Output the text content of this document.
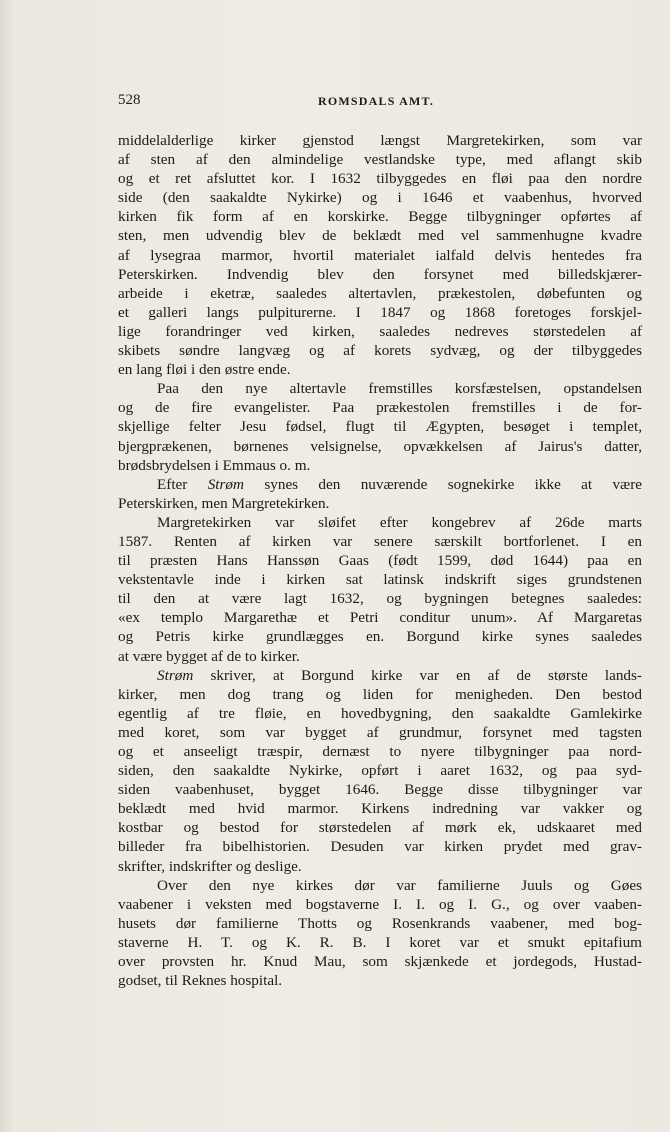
528	ROMSDALS AMT.
middelalderlige kirker gjenstod længst Margretekirken, som var
af sten af den almindelige vestlandske type, med aflangt skib
og et ret afsluttet kor. I 1632 tilbyggedes en fløi paa den nordre
side (den saakaldte Nykirke) og i 1646 et vaabenhus, hvorved
kirken fik form af en korskirke. Begge tilbygninger opførtes af
sten, men udvendig blev de beklædt med vel sammenhugne kvadre
af lysegraa marmor, hvortil materialet ialfald delvis hentedes fra
Peterskirken. Indvendig blev den forsynet med billedskjærer-
arbeide i eketræ, saaledes altertavlen, prækestolen, døbefunten og
et galleri langs pulpiturerne. I 1847 og 1868 foretoges forskjel-
lige forandringer ved kirken, saaledes nedreves størstedelen af
skibets søndre langvæg og af korets sydvæg, og der tilbyggedes
en lang fløi i den østre ende.
Paa den nye altertavle fremstilles korsfæstelsen, opstandelsen
og de fire evangelister. Paa prækestolen fremstilles i de for-
skjellige felter Jesu fødsel, flugt til Ægypten, besøget i templet,
bjergprækenen, børnenes velsignelse, opvækkelsen af Jairus's datter,
brødsbrydelsen i Emmaus o. m.
Efter Strøm synes den nuværende sognekirke ikke at være
Peterskirken, men Margretekirken.
Margretekirken var sløifet efter kongebrev af 26de marts
1587. Renten af kirken var senere særskilt bortforlenet. I en
til præsten Hans Hanssøn Gaas (født 1599, død 1644) paa en
vekstentavle inde i kirken sat latinsk indskrift siges grundstenen
til den at være lagt 1632, og bygningen betegnes saaledes:
«ex templo Margarethæ et Petri conditur unum». Af Margaretas
og Petris kirke grundlægges en. Borgund kirke synes saaledes
at være bygget af de to kirker.
Strøm skriver, at Borgund kirke var en af de største lands-
kirker, men dog trang og liden for menigheden. Den bestod
egentlig af tre fløie, en hovedbygning, den saakaldte Gamlekirke
med koret, som var bygget af grundmur, forsynet med tagsten
og et anseeligt træspir, dernæst to nyere tilbygninger paa nord-
siden, den saakaldte Nykirke, opført i aaret 1632, og paa syd-
siden vaabenhuset, bygget 1646. Begge disse tilbygninger var
beklædt med hvid marmor. Kirkens indredning var vakker og
kostbar og bestod for størstedelen af mørk ek, udskaaret med
billeder fra bibelhistorien. Desuden var kirken prydet med grav-
skrifter, indskrifter og deslige.
Over den nye kirkes dør var familierne Juuls og Gøes
vaabener i veksten med bogstaverne I. I. og I. G., og over vaaben-
husets dør familierne Thotts og Rosenkrands vaabener, med bog-
staverne H. T. og K. R. B. I koret var et smukt epitafium
over provsten hr. Knud Mau, som skjænkede et jordegods, Hustad-
godset, til Reknes hospital.
